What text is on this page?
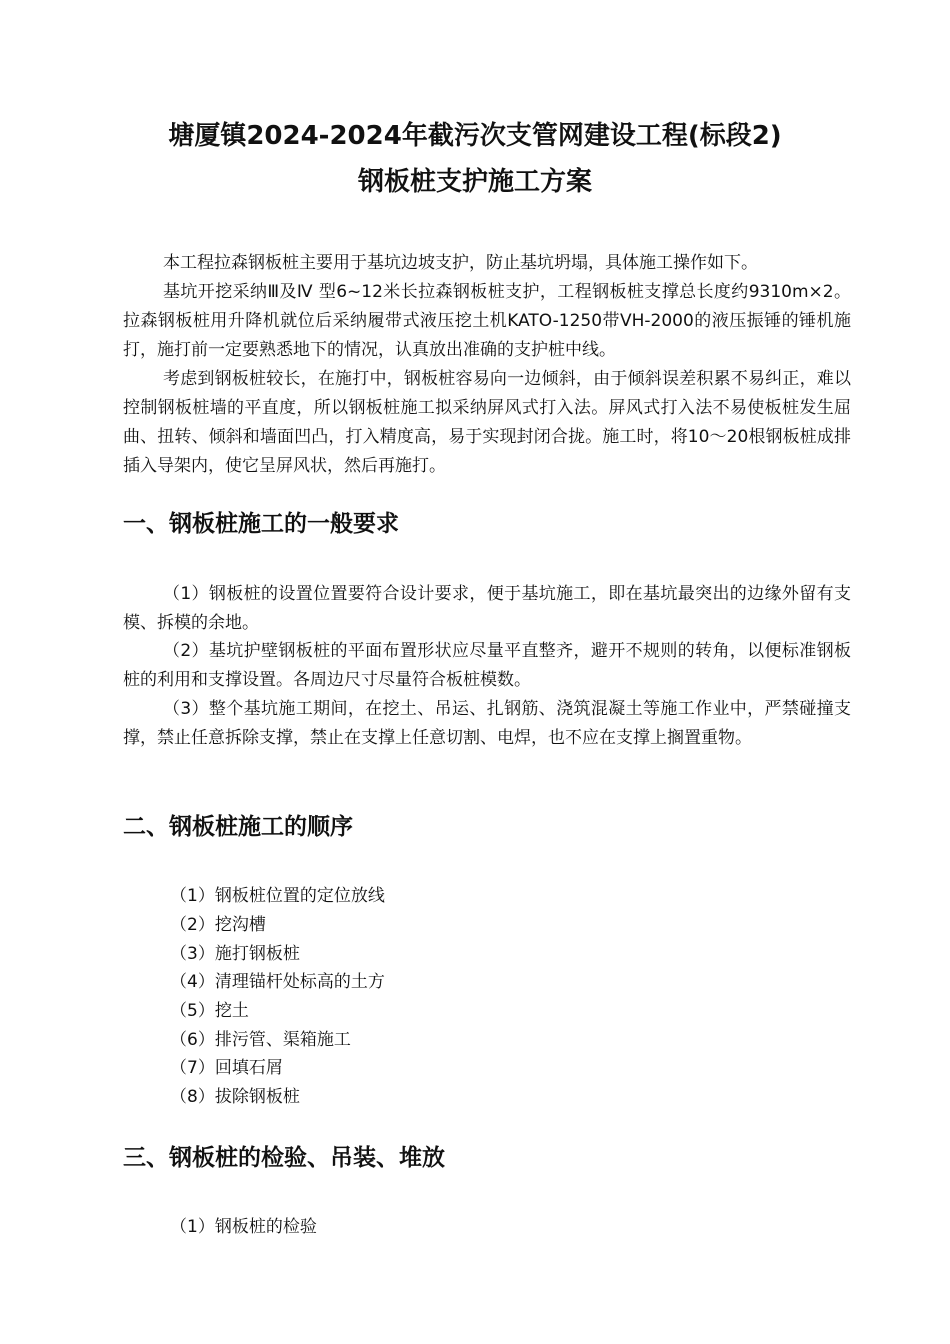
塘厦镇2024-2024年截污次支管网建设工程(标段2)
钢板桩支护施工方案
本工程拉森钢板桩主要用于基坑边坡支护，防止基坑坍塌，具体施工操作如下。
基坑开挖采纳Ⅲ及Ⅳ 型6~12米长拉森钢板桩支护，工程钢板桩支撑总长度约9310m×2。拉森钢板桩用升降机就位后采纳履带式液压挖土机KATO-1250带VH-2000的液压振锤的锤机施打，施打前一定要熟悉地下的情况，认真放出准确的支护桩中线。
考虑到钢板桩较长，在施打中，钢板桩容易向一边倾斜，由于倾斜误差积累不易纠正，难以控制钢板桩墙的平直度，所以钢板桩施工拟采纳屏风式打入法。屏风式打入法不易使板桩发生屈曲、扭转、倾斜和墙面凹凸，打入精度高，易于实现封闭合拢。施工时，将10～20根钢板桩成排插入导架内，使它呈屏风状，然后再施打。
一、钢板桩施工的一般要求
（1）钢板桩的设置位置要符合设计要求，便于基坑施工，即在基坑最突出的边缘外留有支模、拆模的余地。
（2）基坑护壁钢板桩的平面布置形状应尽量平直整齐，避开不规则的转角，以便标准钢板桩的利用和支撑设置。各周边尺寸尽量符合板桩模数。
（3）整个基坑施工期间，在挖土、吊运、扎钢筋、浇筑混凝土等施工作业中，严禁碰撞支撑，禁止任意拆除支撑，禁止在支撑上任意切割、电焊，也不应在支撑上搁置重物。
二、钢板桩施工的顺序
（1）钢板桩位置的定位放线
（2）挖沟槽
（3）施打钢板桩
（4）清理锚杆处标高的土方
（5）挖土
（6）排污管、渠箱施工
（7）回填石屑
（8）拔除钢板桩
三、钢板桩的检验、吊装、堆放
（1）钢板桩的检验
